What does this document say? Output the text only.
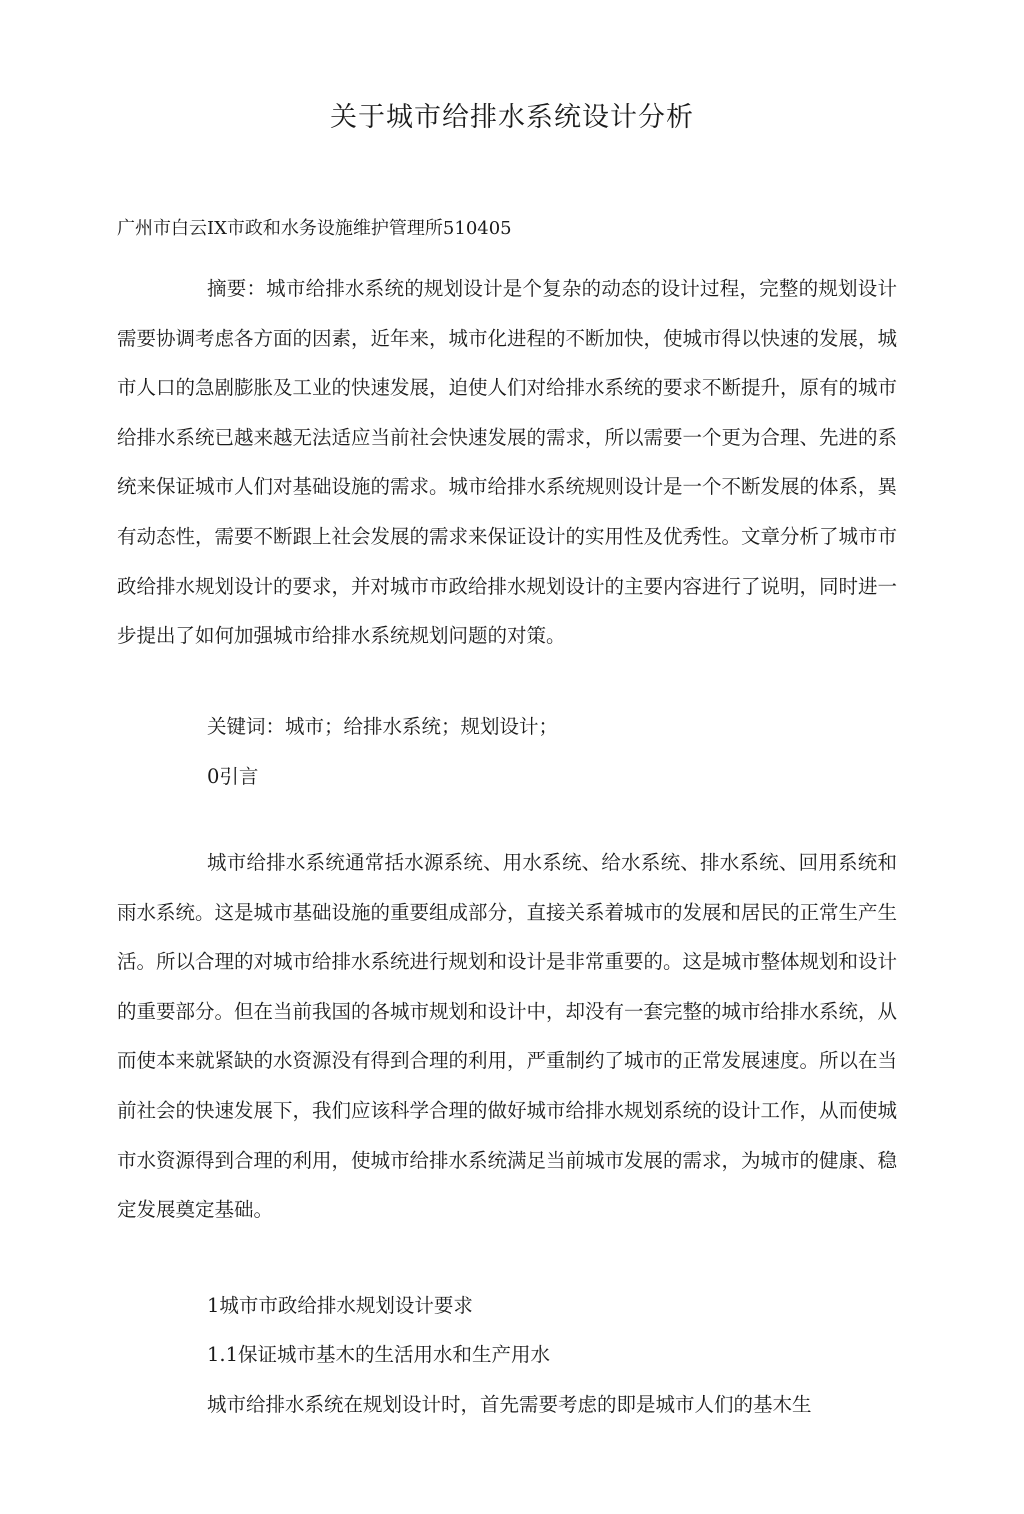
关于城市给排水系统设计分析
广州市白云IX市政和水务设施维护管理所510405
摘要：城市给排水系统的规划设计是个复杂的动态的设计过程，完整的规划设计需要协调考虑各方面的因素，近年来，城市化进程的不断加快，使城市得以快速的发展，城市人口的急剧膨胀及工业的快速发展，迫使人们对给排水系统的要求不断提升，原有的城市给排水系统已越来越无法适应当前社会快速发展的需求，所以需要一个更为合理、先进的系统来保证城市人们对基础设施的需求。城市给排水系统规则设计是一个不断发展的体系，異有动态性，需要不断跟上社会发展的需求来保证设计的实用性及优秀性。文章分析了城市市政给排水规划设计的要求，并对城市市政给排水规划设计的主要内容进行了说明，同时进一步提出了如何加强城市给排水系统规划问题的对策。
关键词：城市；给排水系统；规划设计；
0引言
城市给排水系统通常括水源系统、用水系统、给水系统、排水系统、回用系统和雨水系统。这是城市基础设施的重要组成部分，直接关系着城市的发展和居民的正常生产生活。所以合理的对城市给排水系统进行规划和设计是非常重要的。这是城市整体规划和设计的重要部分。但在当前我国的各城市规划和设计中，却没有一套完整的城市给排水系统，从而使本来就紧缺的水资源没有得到合理的利用，严重制约了城市的正常发展速度。所以在当前社会的快速发展下，我们应该科学合理的做好城市给排水规划系统的设计工作，从而使城市水资源得到合理的利用，使城市给排水系统满足当前城市发展的需求，为城市的健康、稳定发展奠定基础。
1城市市政给排水规划设计要求
1.1保证城市基木的生活用水和生产用水
城市给排水系统在规划设计时，首先需要考虑的即是城市人们的基木生
